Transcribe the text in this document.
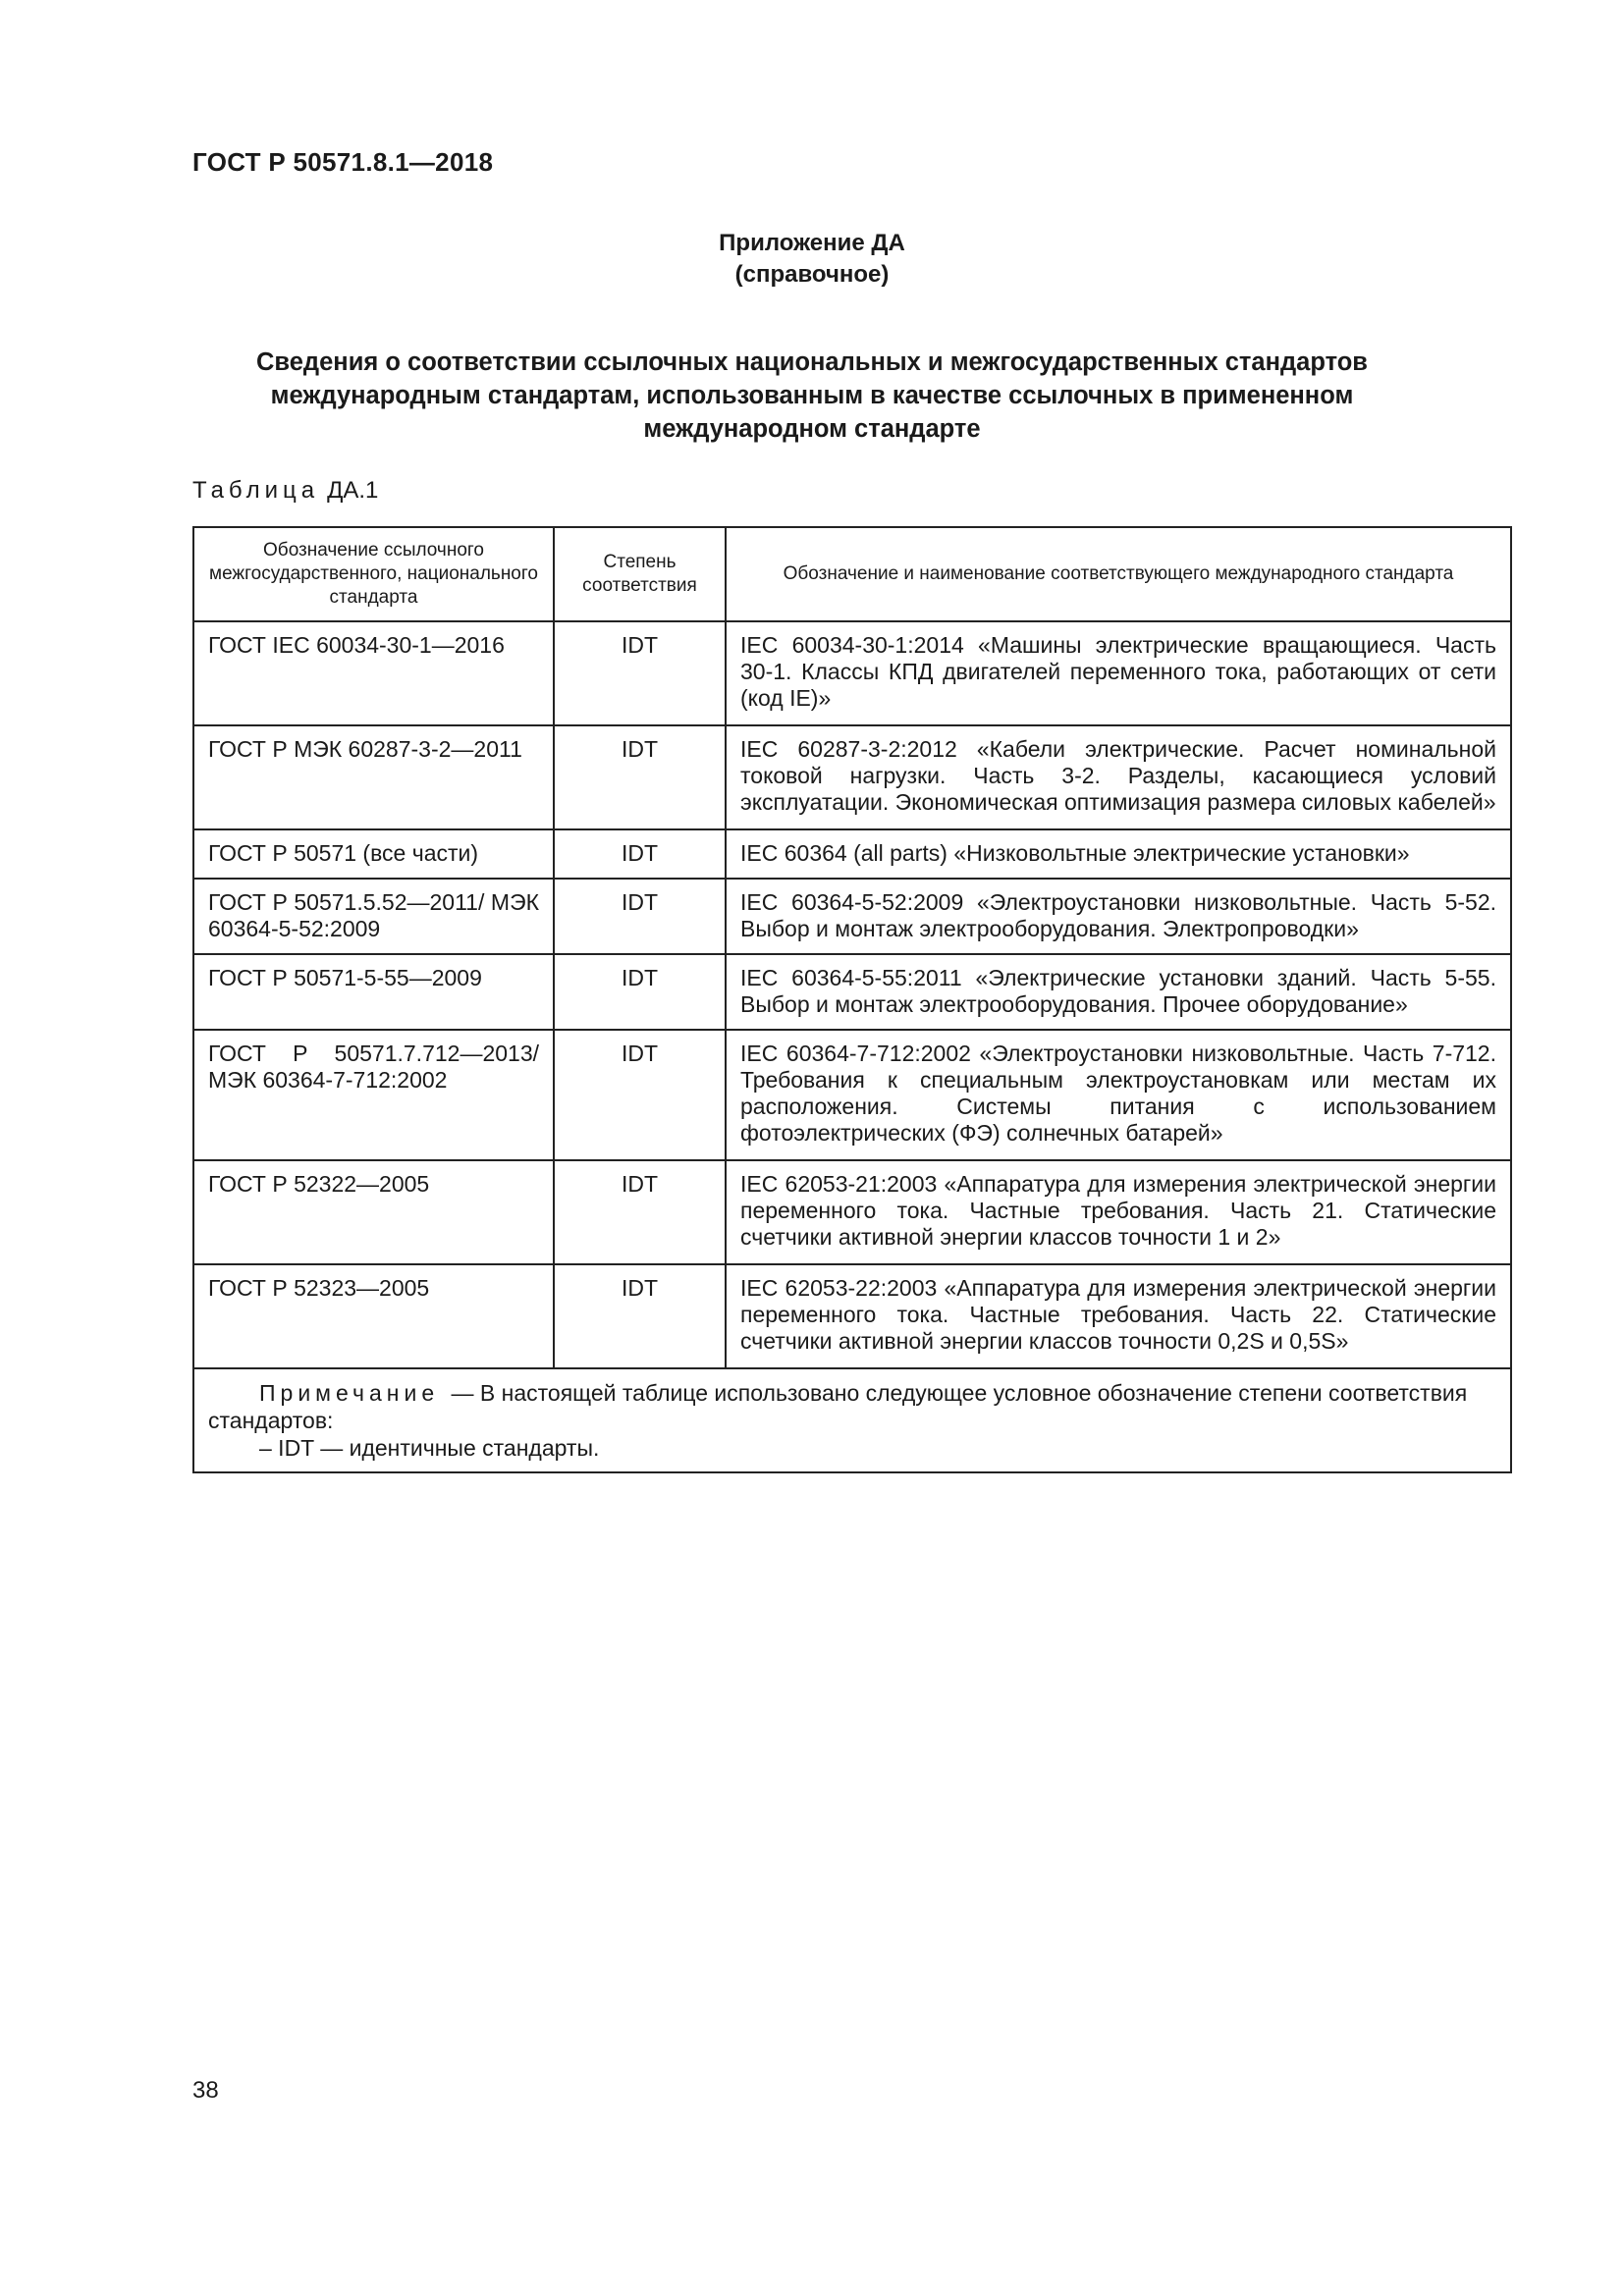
ГОСТ Р 50571.8.1—2018
Приложение ДА
(справочное)
Сведения о соответствии ссылочных национальных и межгосударственных стандартов
международным стандартам, использованным в качестве ссылочных в примененном
международном стандарте
Таблица ДА.1
Обозначение ссылочного межгосударственного, национального стандарта	Степень соответствия	Обозначение и наименование соответствующего международного стандарта
ГОСТ IEC 60034-30-1—2016	IDT	IEC 60034-30-1:2014 «Машины электрические вращающиеся. Часть 30-1. Классы КПД двигателей переменного тока, работающих от сети (код IE)»
ГОСТ Р МЭК 60287-3-2—2011	IDT	IEC 60287-3-2:2012 «Кабели электрические. Расчет номинальной токовой нагрузки. Часть 3-2. Разделы, касающиеся условий эксплуатации. Экономическая оптимизация размера силовых кабелей»
ГОСТ Р 50571 (все части)	IDT	IEC 60364 (all parts) «Низковольтные электрические установки»
ГОСТ Р 50571.5.52—2011/ МЭК 60364-5-52:2009	IDT	IEC 60364-5-52:2009 «Электроустановки низковольтные. Часть 5-52. Выбор и монтаж электрооборудования. Электропроводки»
ГОСТ Р 50571-5-55—2009	IDT	IEC 60364-5-55:2011 «Электрические установки зданий. Часть 5-55. Выбор и монтаж электрооборудования. Прочее оборудование»
ГОСТ Р 50571.7.712—2013/ МЭК 60364-7-712:2002	IDT	IEC 60364-7-712:2002 «Электроустановки низковольтные. Часть 7-712. Требования к специальным электроустановкам или местам их расположения. Системы питания с использованием фотоэлектрических (ФЭ) солнечных батарей»
ГОСТ Р 52322—2005	IDT	IEC 62053-21:2003 «Аппаратура для измерения электрической энергии переменного тока. Частные требования. Часть 21. Статические счетчики активной энергии классов точности 1 и 2»
ГОСТ Р 52323—2005	IDT	IEC 62053-22:2003 «Аппаратура для измерения электрической энергии переменного тока. Частные требования. Часть 22. Статические счетчики активной энергии классов точности 0,2S и 0,5S»

Примечание — В настоящей таблице использовано следующее условное обозначение степени соответствия стандартов:
– IDT — идентичные стандарты.		
38
